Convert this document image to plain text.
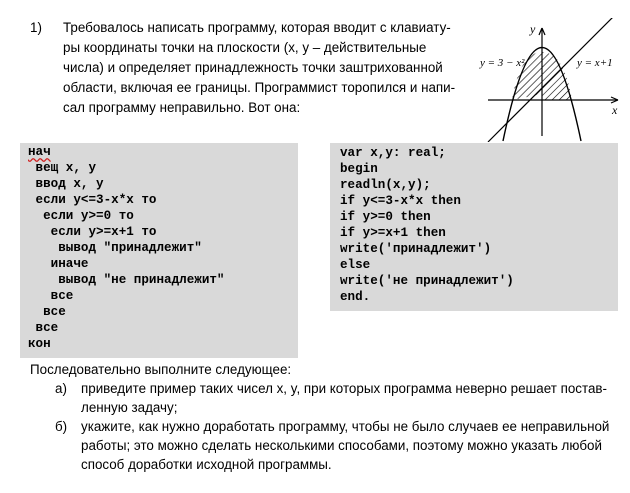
1) Требовалось написать программу, которая вводит с клавиату-
ры координаты точки на плоскости (x, y – действительные
числа) и определяет принадлежность точки заштрихованной
области, включая ее границы. Программист торопился и напи-
сал программу неправильно. Вот она:
y
x
y = 3 − x²	y = x+1
нач
вещ x, y
ввод x, y
если y<=3-x*x то
если y>=0 то
если y>=x+1 то
вывод "принадлежит"
иначе
вывод "не принадлежит"
все
все
все
кон
var x,y: real;
begin
readln(x,y);
if y<=3-x*x then
if y>=0 then
if y>=x+1 then
write('принадлежит')
else
write('не принадлежит')
end.
Последовательно выполните следующее:
а) приведите пример таких чисел x, y, при которых программа неверно решает постав-
ленную задачу;
б) укажите, как нужно доработать программу, чтобы не было случаев ее неправильной
работы; это можно сделать несколькими способами, поэтому можно указать любой
способ доработки исходной программы.
